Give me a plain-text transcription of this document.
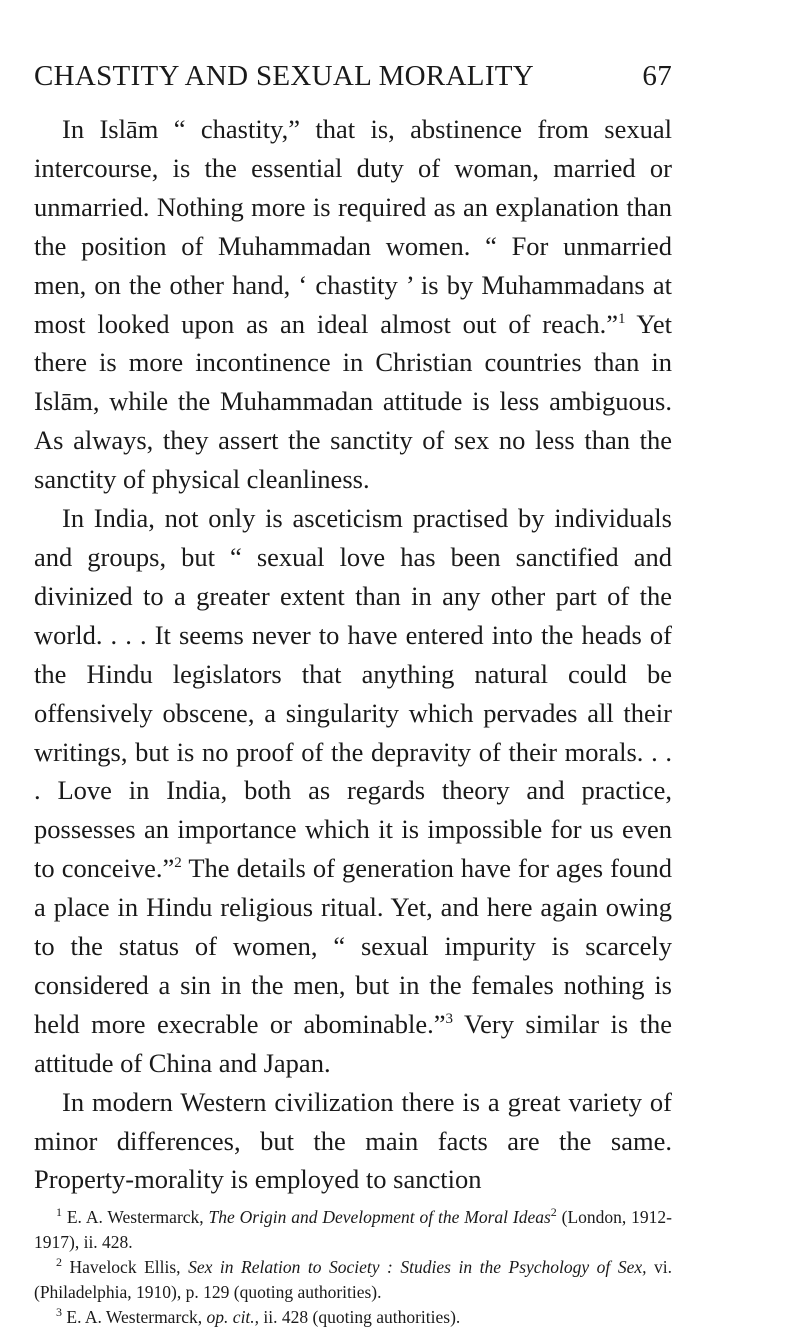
CHASTITY AND SEXUAL MORALITY	67

In Islām “ chastity,” that is, abstinence from sexual intercourse, is the essential duty of woman, married or unmarried. Nothing more is required as an explanation than the position of Muhammadan women. “ For unmarried men, on the other hand, ‘ chastity ’ is by Muhammadans at most looked upon as an ideal almost out of reach.”$^1$ Yet there is more incontinence in Christian countries than in Islām, while the Muhammadan attitude is less ambiguous. As always, they assert the sanctity of sex no less than the sanctity of physical cleanliness.

In India, not only is asceticism practised by individuals and groups, but “ sexual love has been sanctified and divinized to a greater extent than in any other part of the world. . . . It seems never to have entered into the heads of the Hindu legislators that anything natural could be offensively obscene, a singularity which pervades all their writings, but is no proof of the depravity of their morals. . . . Love in India, both as regards theory and practice, possesses an importance which it is impossible for us even to conceive.”$^2$ The details of generation have for ages found a place in Hindu religious ritual. Yet, and here again owing to the status of women, “ sexual impurity is scarcely considered a sin in the men, but in the females nothing is held more execrable or abominable.”$^3$ Very similar is the attitude of China and Japan.

In modern Western civilization there is a great variety of minor differences, but the main facts are the same. Property-morality is employed to sanction

$^1$ E. A. Westermarck, The Origin and Development of the Moral Ideas$^2$ (London, 1912-1917), ii. 428.

$^2$ Havelock Ellis, Sex in Relation to Society : Studies in the Psychology of Sex, vi. (Philadelphia, 1910), p. 129 (quoting authorities).

$^3$ E. A. Westermarck, op. cit., ii. 428 (quoting authorities).
